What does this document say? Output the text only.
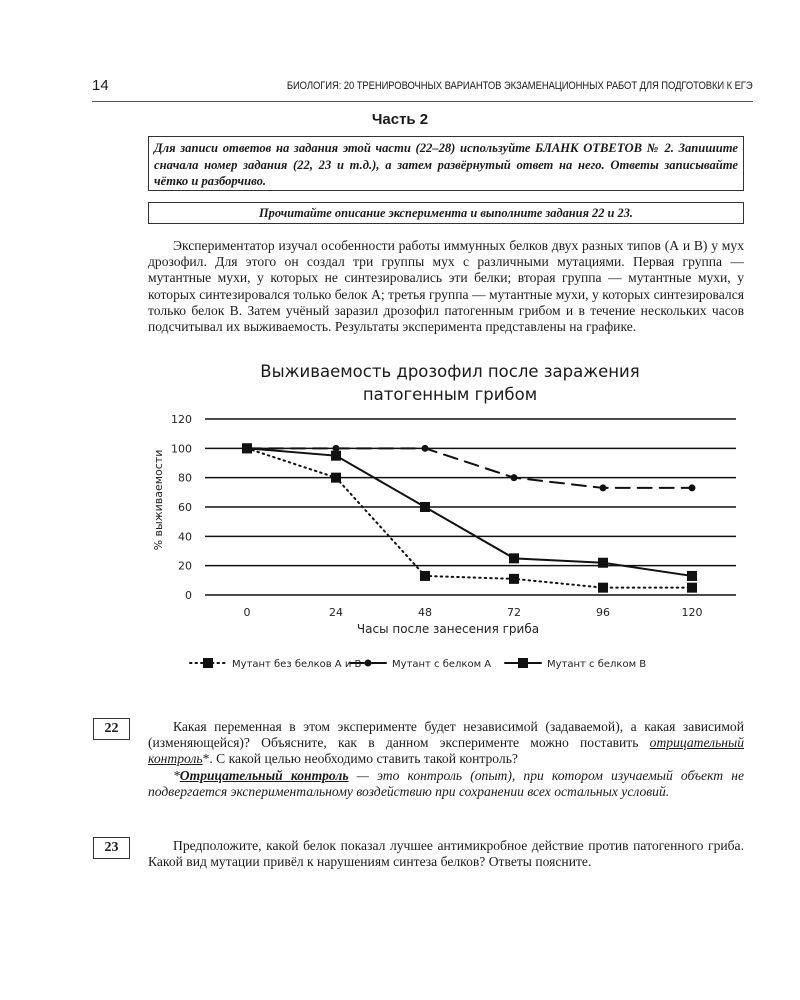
14	БИОЛОГИЯ: 20 ТРЕНИРОВОЧНЫХ ВАРИАНТОВ ЭКЗАМЕНАЦИОННЫХ РАБОТ ДЛЯ ПОДГОТОВКИ К ЕГЭ
Часть 2
Для записи ответов на задания этой части (22–28) используйте БЛАНК ОТВЕТОВ № 2. Запишите сначала номер задания (22, 23 и т.д.), а затем развёрнутый ответ на него. Ответы записывайте чётко и разборчиво.
Прочитайте описание эксперимента и выполните задания 22 и 23.
Экспериментатор изучал особенности работы иммунных белков двух разных типов (А и В) у мух дрозофил. Для этого он создал три группы мух с различными мутациями. Первая группа — мутантные мухи, у которых не синтезировались эти белки; вторая группа — мутантные мухи, у которых синтезировался только белок А; третья группа — мутантные мухи, у которых синтезировался только белок В. Затем учёный заразил дрозофил патогенным грибом и в течение нескольких часов подсчитывал их выживаемость. Результаты эксперимента представлены на графике.
Выживаемость дрозофил после заражения
патогенным грибом
0
20
40
60
80
100
120
0	24	48	72	96	120
% выживаемости
Часы после занесения гриба
Мутант без белков А и В	Мутант с белком А	Мутант с белком В
22	Какая переменная в этом эксперименте будет независимой (задаваемой), а какая зависимой (изменяющейся)? Объясните, как в данном эксперименте можно поставить отрицательный контроль*. С какой целью необходимо ставить такой контроль?
*Отрицательный контроль — это контроль (опыт), при котором изучаемый объект не подвергается экспериментальному воздействию при сохранении всех остальных условий.
23	Предположите, какой белок показал лучшее антимикробное действие против патогенного гриба. Какой вид мутации привёл к нарушениям синтеза белков? Ответы поясните.
